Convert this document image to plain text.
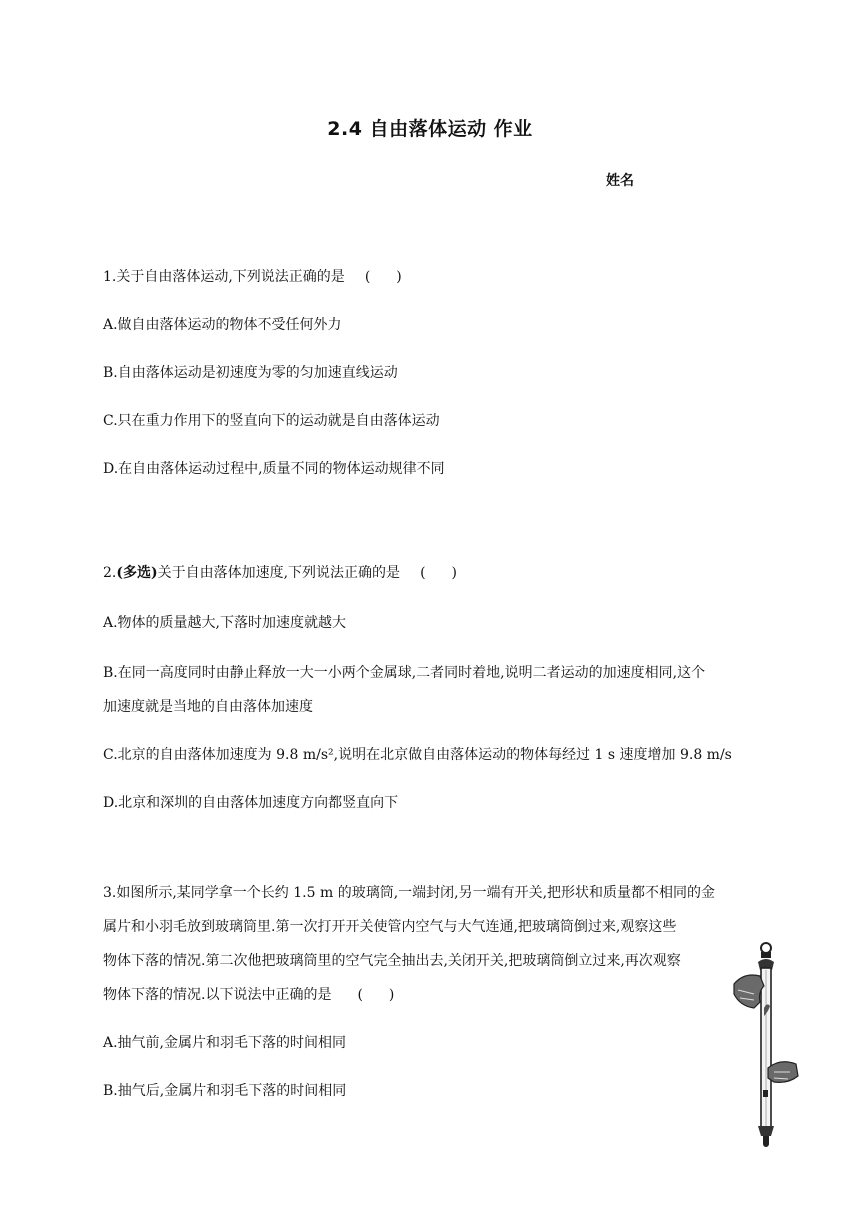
2.4 自由落体运动 作业
姓名
1.关于自由落体运动,下列说法正确的是 ( )
A.做自由落体运动的物体不受任何外力
B.自由落体运动是初速度为零的匀加速直线运动
C.只在重力作用下的竖直向下的运动就是自由落体运动
D.在自由落体运动过程中,质量不同的物体运动规律不同
2.(多选)关于自由落体加速度,下列说法正确的是 ( )
A.物体的质量越大,下落时加速度就越大
B.在同一高度同时由静止释放一大一小两个金属球,二者同时着地,说明二者运动的加速度相同,这个
加速度就是当地的自由落体加速度
C.北京的自由落体加速度为 9.8 m/s²,说明在北京做自由落体运动的物体每经过 1 s 速度增加 9.8 m/s
D.北京和深圳的自由落体加速度方向都竖直向下
3.如图所示,某同学拿一个长约 1.5 m 的玻璃筒,一端封闭,另一端有开关,把形状和质量都不相同的金
属片和小羽毛放到玻璃筒里.第一次打开开关使管内空气与大气连通,把玻璃筒倒过来,观察这些
物体下落的情况.第二次他把玻璃筒里的空气完全抽出去,关闭开关,把玻璃筒倒立过来,再次观察
物体下落的情况.以下说法中正确的是 ( )
A.抽气前,金属片和羽毛下落的时间相同
B.抽气后,金属片和羽毛下落的时间相同
